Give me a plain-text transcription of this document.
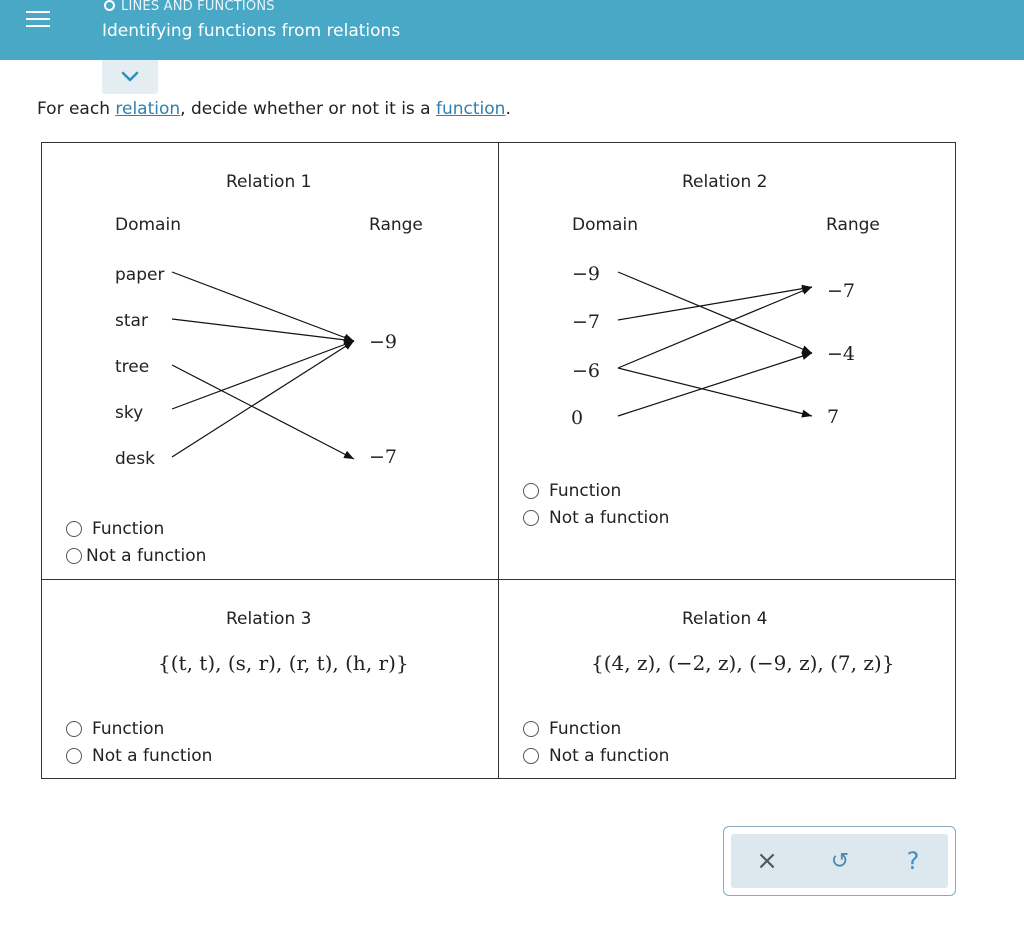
LINES AND FUNCTIONS
Identifying functions from relations
For each relation, decide whether or not it is a function.
Relation 1
Domain	Range
paper
star
tree
sky
desk
−9
−7
Function
Not a function
Relation 2
Domain	Range
−9
−7
−6
0
−7
−4
7
Function
Not a function
Relation 3
{(t, t), (s, r), (r, t), (h, r)}
Function
Not a function
Relation 4
{(4, z), (−2, z), (−9, z), (7, z)}
Function
Not a function
× ↺ ?
